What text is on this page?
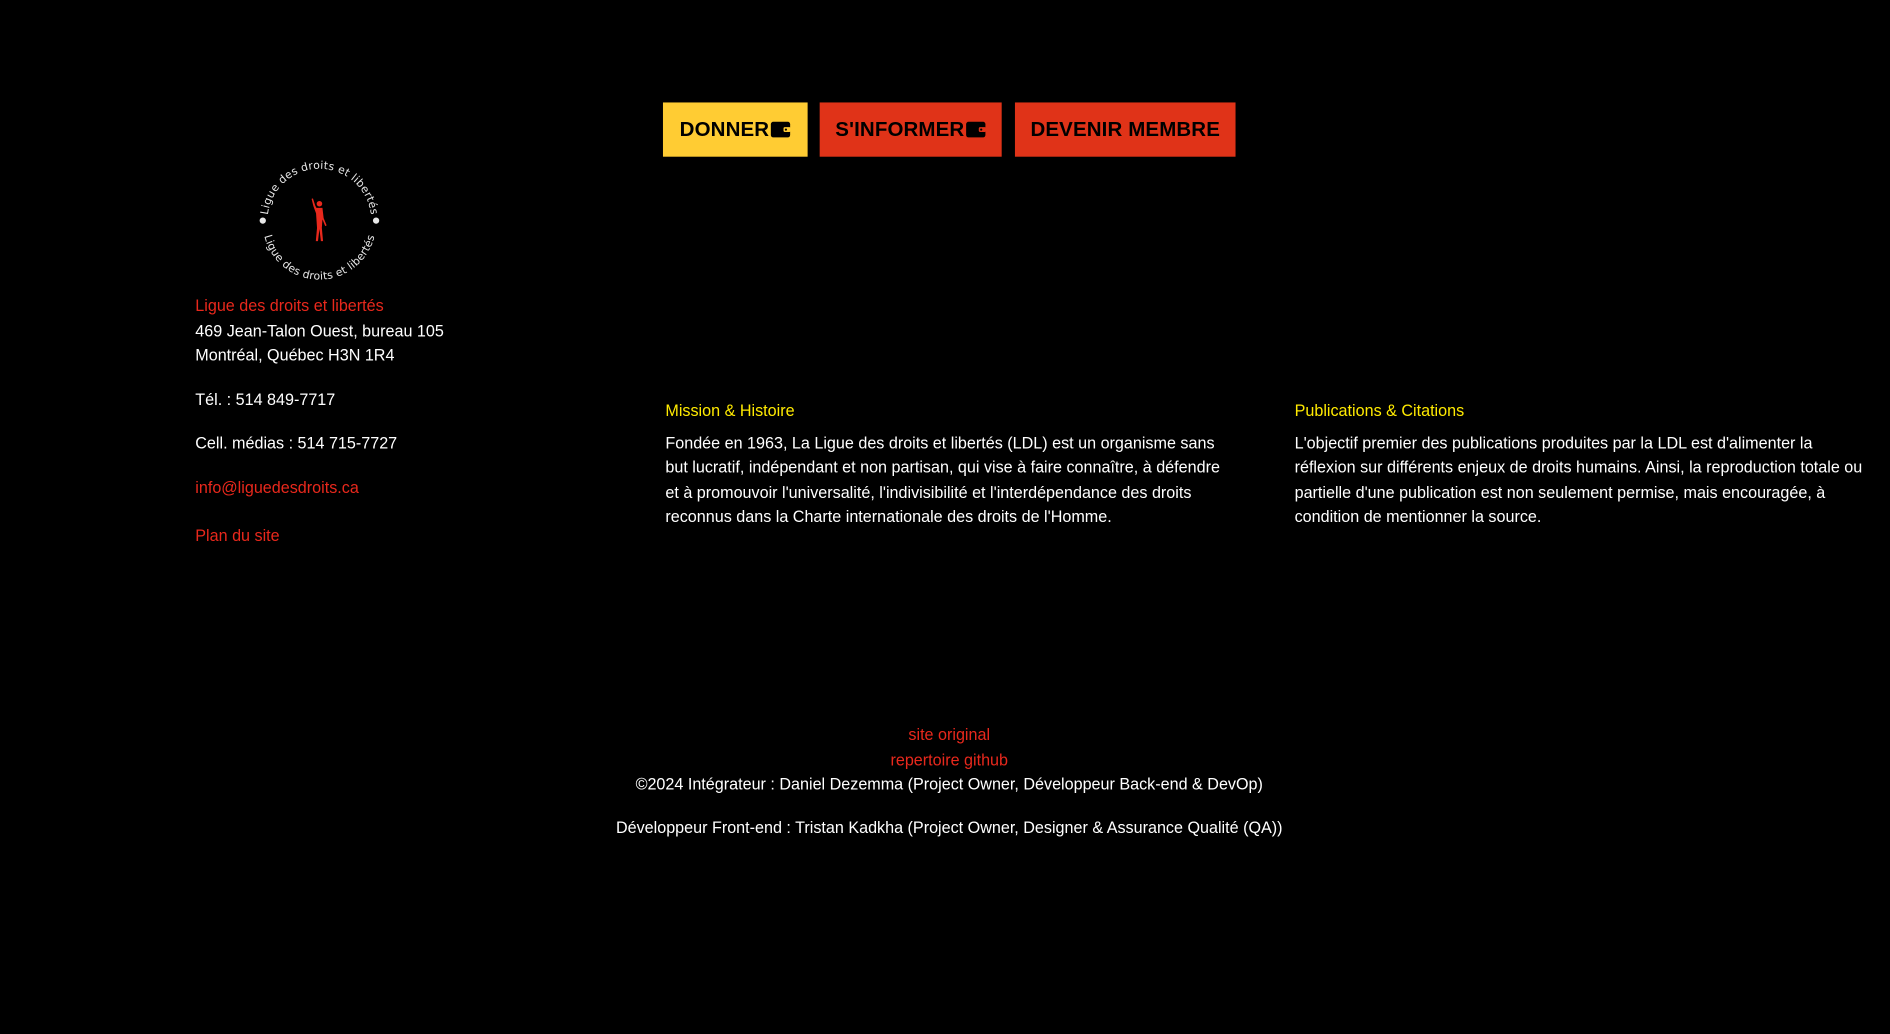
DONNER	S'INFORMER	DEVENIR MEMBRE
Ligue des droits et libertés
Ligue des droits et libertés
Ligue des droits et libertés
469 Jean-Talon Ouest, bureau 105
Montréal, Québec H3N 1R4
Tél. : 514 849-7717
Cell. médias : 514 715-7727
info@liguedesdroits.ca
Plan du site
Mission & Histoire

Fondée en 1963, La Ligue des droits et libertés (LDL) est un organisme sans but lucratif, indépendant et non partisan, qui vise à faire connaître, à défendre et à promouvoir l'universalité, l'indivisibilité et l'interdépendance des droits reconnus dans la Charte internationale des droits de l'Homme.

Publications & Citations

L'objectif premier des publications produites par la LDL est d'alimenter la réflexion sur différents enjeux de droits humains. Ainsi, la reproduction totale ou partielle d'une publication est non seulement permise, mais encouragée, à condition de mentionner la source.

site original
repertoire github
©2024 Intégrateur : Daniel Dezemma (Project Owner, Développeur Back-end & DevOp)
Développeur Front-end : Tristan Kadkha (Project Owner, Designer & Assurance Qualité (QA))
